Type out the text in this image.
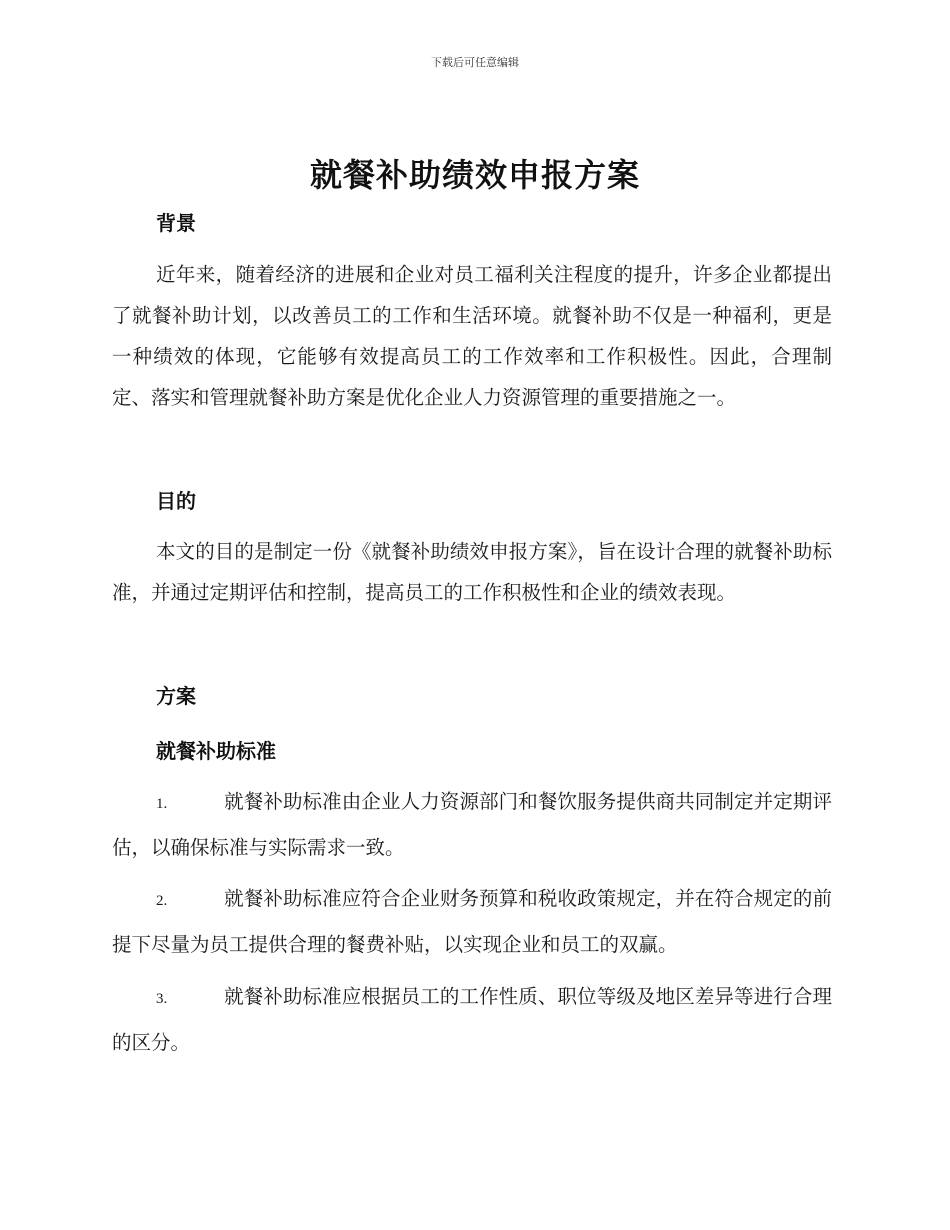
下载后可任意编辑
就餐补助绩效申报方案
背景

近年来，随着经济的进展和企业对员工福利关注程度的提升，许多企业都提出了就餐补助计划，以改善员工的工作和生活环境。就餐补助不仅是一种福利，更是一种绩效的体现，它能够有效提高员工的工作效率和工作积极性。因此，合理制定、落实和管理就餐补助方案是优化企业人力资源管理的重要措施之一。

目的

本文的目的是制定一份《就餐补助绩效申报方案》，旨在设计合理的就餐补助标准，并通过定期评估和控制，提高员工的工作积极性和企业的绩效表现。

方案
就餐补助标准

1.	就餐补助标准由企业人力资源部门和餐饮服务提供商共同制定并定期评估，以确保标准与实际需求一致。

2.	就餐补助标准应符合企业财务预算和税收政策规定，并在符合规定的前提下尽量为员工提供合理的餐费补贴，以实现企业和员工的双赢。

3.	就餐补助标准应根据员工的工作性质、职位等级及地区差异等进行合理的区分。
